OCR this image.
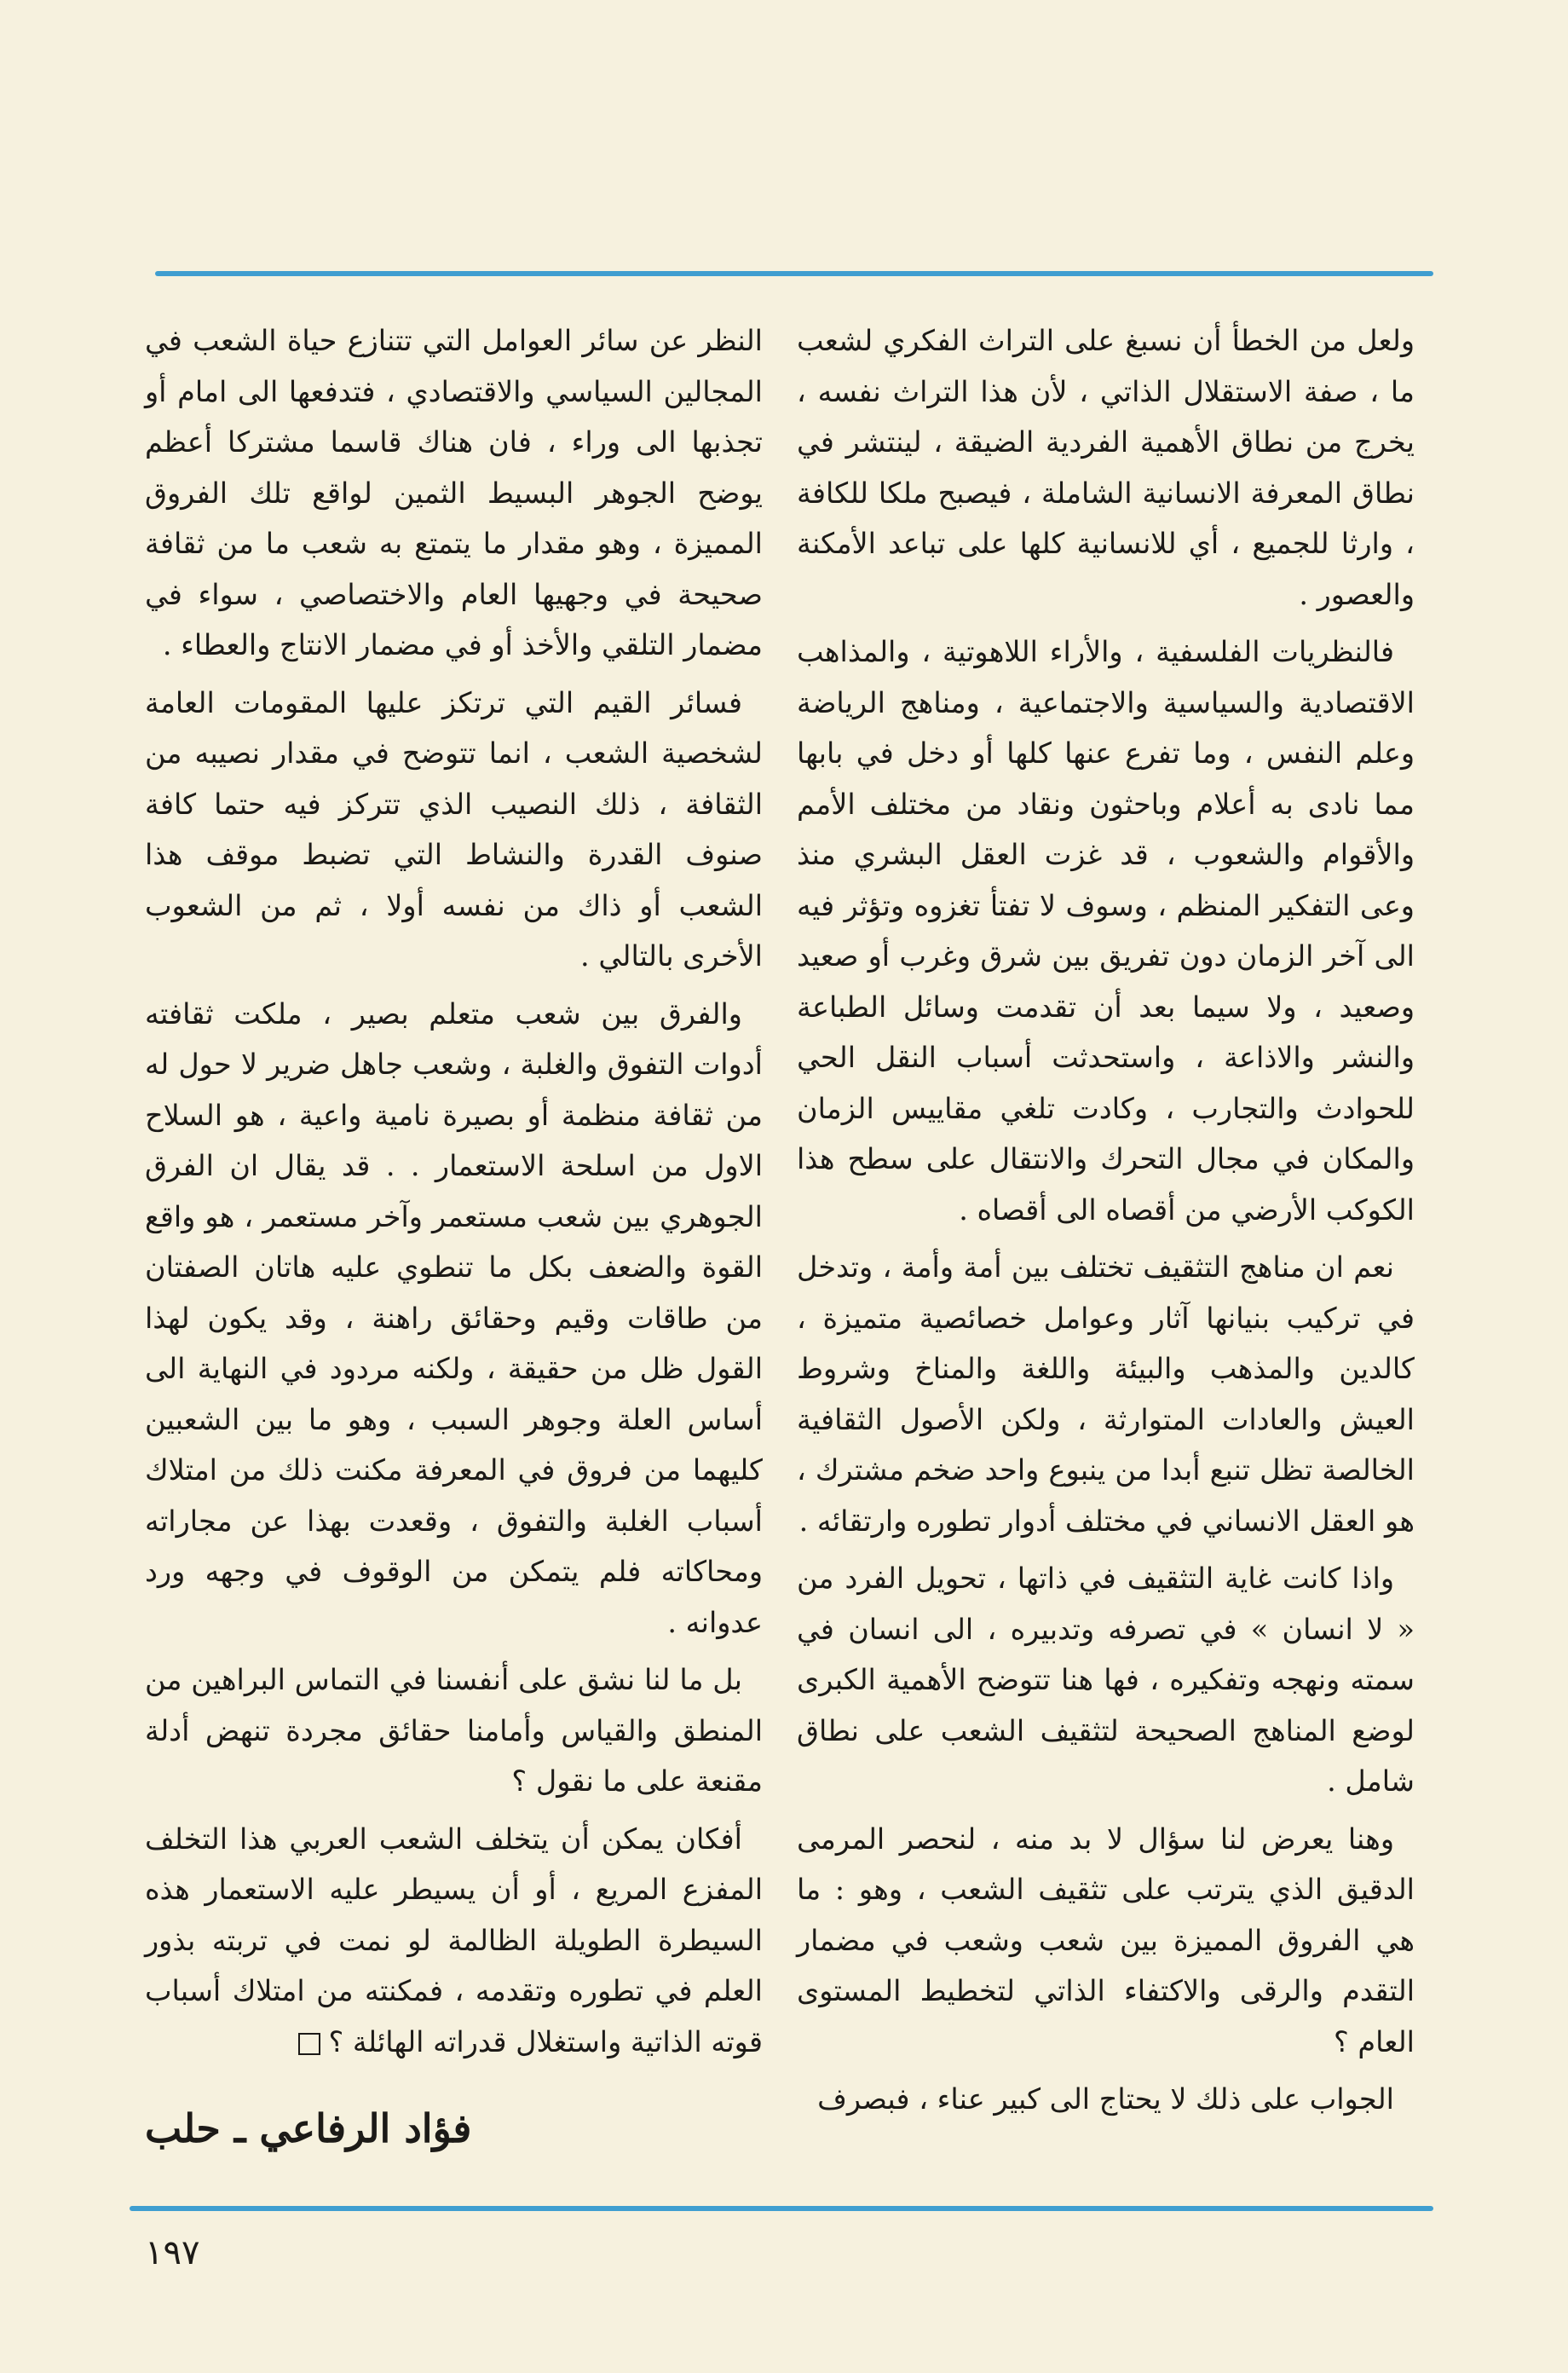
ولعل من الخطأ أن نسبغ على التراث الفكري لشعب ما ، صفة الاستقلال الذاتي ، لأن هذا التراث نفسه ، يخرج من نطاق الأهمية الفردية الضيقة ، لينتشر في نطاق المعرفة الانسانية الشاملة ، فيصبح ملكا للكافة ، وارثا للجميع ، أي للانسانية كلها على تباعد الأمكنة والعصور .

فالنظريات الفلسفية ، والأراء اللاهوتية ، والمذاهب الاقتصادية والسياسية والاجتماعية ، ومناهج الرياضة وعلم النفس ، وما تفرع عنها كلها أو دخل في بابها مما نادى به أعلام وباحثون ونقاد من مختلف الأمم والأقوام والشعوب ، قد غزت العقل البشري منذ وعى التفكير المنظم ، وسوف لا تفتأ تغزوه وتؤثر فيه الى آخر الزمان دون تفريق بين شرق وغرب أو صعيد وصعيد ، ولا سيما بعد أن تقدمت وسائل الطباعة والنشر والاذاعة ، واستحدثت أسباب النقل الحي للحوادث والتجارب ، وكادت تلغي مقاييس الزمان والمكان في مجال التحرك والانتقال على سطح هذا الكوكب الأرضي من أقصاه الى أقصاه .

نعم ان مناهج التثقيف تختلف بين أمة وأمة ، وتدخل في تركيب بنيانها آثار وعوامل خصائصية متميزة ، كالدين والمذهب والبيئة واللغة والمناخ وشروط العيش والعادات المتوارثة ، ولكن الأصول الثقافية الخالصة تظل تنبع أبدا من ينبوع واحد ضخم مشترك ، هو العقل الانساني في مختلف أدوار تطوره وارتقائه .

واذا كانت غاية التثقيف في ذاتها ، تحويل الفرد من « لا انسان » في تصرفه وتدبيره ، الى انسان في سمته ونهجه وتفكيره ، فها هنا تتوضح الأهمية الكبرى لوضع المناهج الصحيحة لتثقيف الشعب على نطاق شامل .

وهنا يعرض لنا سؤال لا بد منه ، لنحصر المرمى الدقيق الذي يترتب على تثقيف الشعب ، وهو : ما هي الفروق المميزة بين شعب وشعب في مضمار التقدم والرقى والاكتفاء الذاتي لتخطيط المستوى العام ؟

الجواب على ذلك لا يحتاج الى كبير عناء ، فبصرف

النظر عن سائر العوامل التي تتنازع حياة الشعب في المجالين السياسي والاقتصادي ، فتدفعها الى امام أو تجذبها الى وراء ، فان هناك قاسما مشتركا أعظم يوضح الجوهر البسيط الثمين لواقع تلك الفروق المميزة ، وهو مقدار ما يتمتع به شعب ما من ثقافة صحيحة في وجهيها العام والاختصاصي ، سواء في مضمار التلقي والأخذ أو في مضمار الانتاج والعطاء .

فسائر القيم التي ترتكز عليها المقومات العامة لشخصية الشعب ، انما تتوضح في مقدار نصيبه من الثقافة ، ذلك النصيب الذي تتركز فيه حتما كافة صنوف القدرة والنشاط التي تضبط موقف هذا الشعب أو ذاك من نفسه أولا ، ثم من الشعوب الأخرى بالتالي .

والفرق بين شعب متعلم بصير ، ملكت ثقافته أدوات التفوق والغلبة ، وشعب جاهل ضرير لا حول له من ثقافة منظمة أو بصيرة نامية واعية ، هو السلاح الاول من اسلحة الاستعمار . . قد يقال ان الفرق الجوهري بين شعب مستعمر وآخر مستعمر ، هو واقع القوة والضعف بكل ما تنطوي عليه هاتان الصفتان من طاقات وقيم وحقائق راهنة ، وقد يكون لهذا القول ظل من حقيقة ، ولكنه مردود في النهاية الى أساس العلة وجوهر السبب ، وهو ما بين الشعبين كليهما من فروق في المعرفة مكنت ذلك من امتلاك أسباب الغلبة والتفوق ، وقعدت بهذا عن مجاراته ومحاكاته فلم يتمكن من الوقوف في وجهه ورد عدوانه .

بل ما لنا نشق على أنفسنا في التماس البراهين من المنطق والقياس وأمامنا حقائق مجردة تنهض أدلة مقنعة على ما نقول ؟

أفكان يمكن أن يتخلف الشعب العربي هذا التخلف المفزع المريع ، أو أن يسيطر عليه الاستعمار هذه السيطرة الطويلة الظالمة لو نمت في تربته بذور العلم في تطوره وتقدمه ، فمكنته من امتلاك أسباب قوته الذاتية واستغلال قدراته الهائلة ؟

فؤاد الرفاعي ـ حلب
١٩٧
